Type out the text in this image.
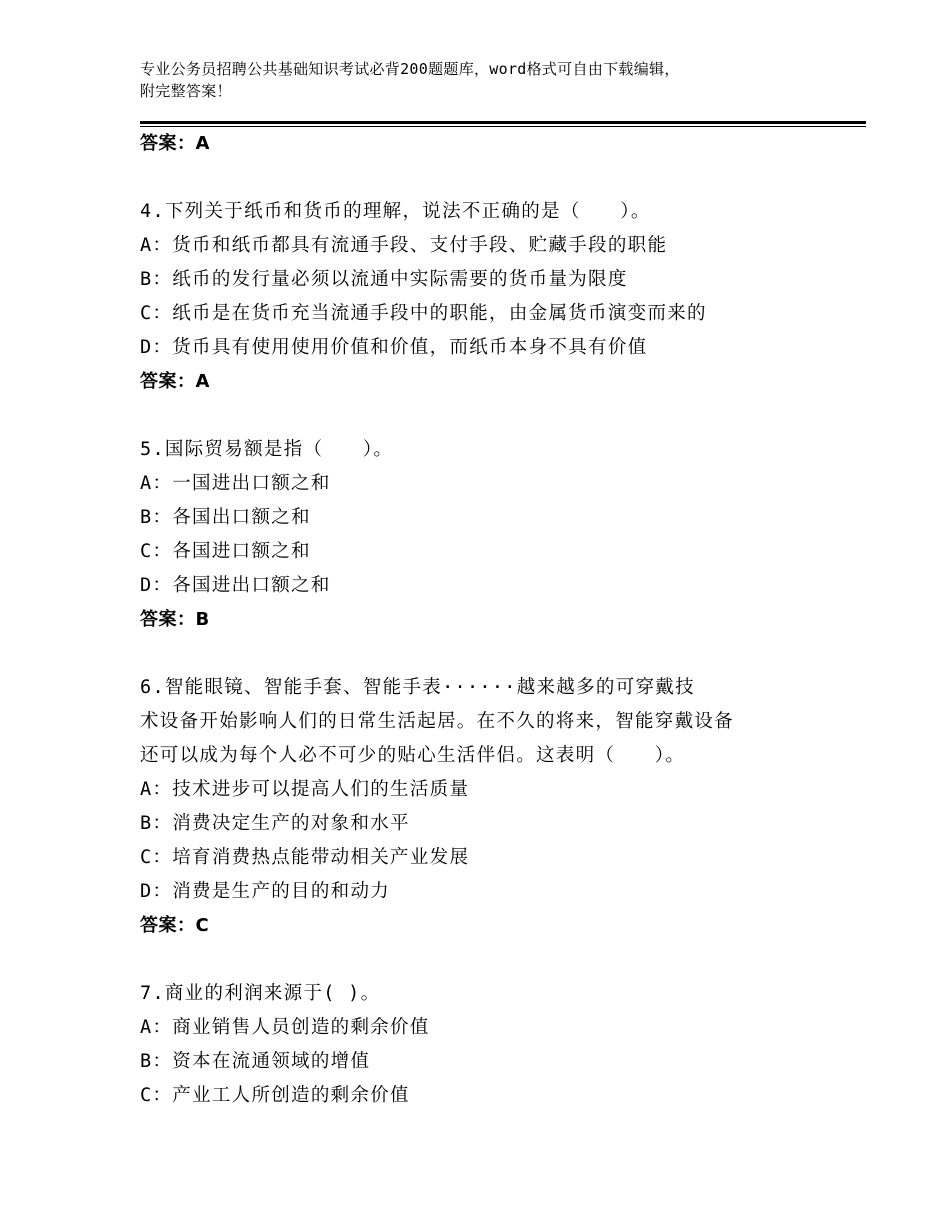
专业公务员招聘公共基础知识考试必背200题题库，word格式可自由下载编辑，
附完整答案！
答案：A
4.下列关于纸币和货币的理解，说法不正确的是（　　）。
A：货币和纸币都具有流通手段、支付手段、贮藏手段的职能
B：纸币的发行量必须以流通中实际需要的货币量为限度
C：纸币是在货币充当流通手段中的职能，由金属货币演变而来的
D：货币具有使用使用价值和价值，而纸币本身不具有价值
答案：A
5.国际贸易额是指（　　）。
A：一国进出口额之和
B：各国出口额之和
C：各国进口额之和
D：各国进出口额之和
答案：B
6.智能眼镜、智能手套、智能手表······越来越多的可穿戴技
术设备开始影响人们的日常生活起居。在不久的将来，智能穿戴设备
还可以成为每个人必不可少的贴心生活伴侣。这表明（　　）。
A：技术进步可以提高人们的生活质量
B：消费决定生产的对象和水平
C：培育消费热点能带动相关产业发展
D：消费是生产的目的和动力
答案：C
7.商业的利润来源于( )。
A：商业销售人员创造的剩余价值
B：资本在流通领域的增值
C：产业工人所创造的剩余价值
